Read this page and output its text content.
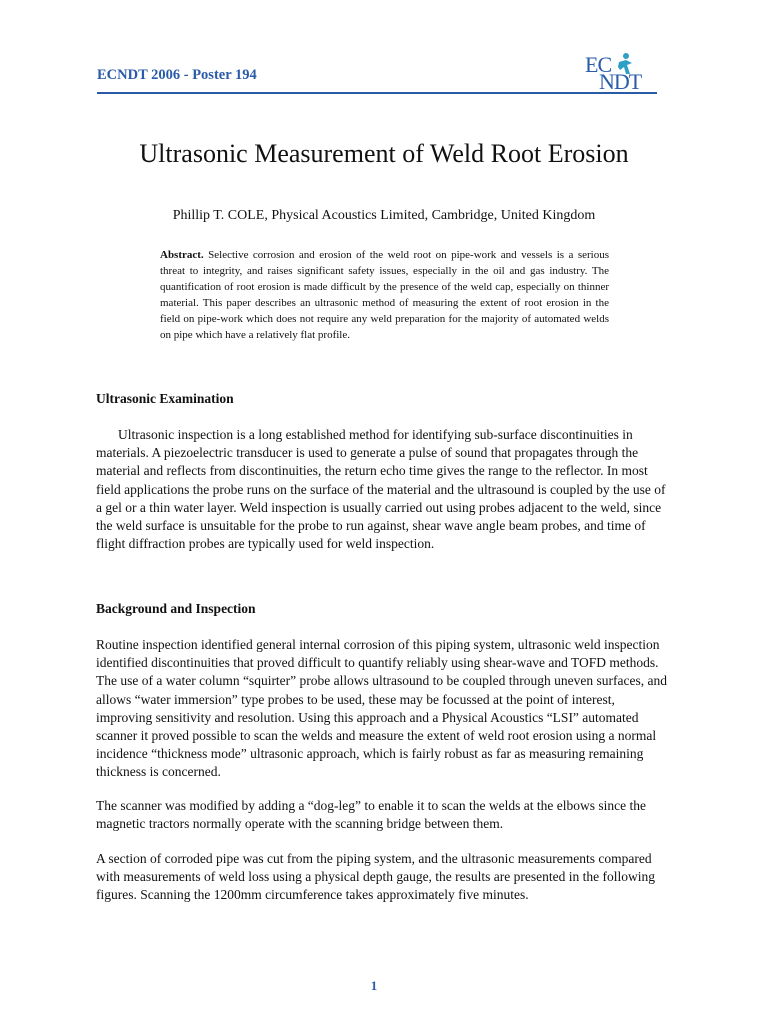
ECNDT 2006 - Poster 194	EC
NDT
Ultrasonic Measurement of Weld Root Erosion
Phillip T. COLE, Physical Acoustics Limited, Cambridge, United Kingdom

Abstract. Selective corrosion and erosion of the weld root on pipe-work and vessels is a serious threat to integrity, and raises significant safety issues, especially in the oil and gas industry. The quantification of root erosion is made difficult by the presence of the weld cap, especially on thinner material. This paper describes an ultrasonic method of measuring the extent of root erosion in the field on pipe-work which does not require any weld preparation for the majority of automated welds on pipe which have a relatively flat profile.

Ultrasonic Examination

Ultrasonic inspection is a long established method for identifying sub-surface discontinuities in materials. A piezoelectric transducer is used to generate a pulse of sound that propagates through the material and reflects from discontinuities, the return echo time gives the range to the reflector. In most field applications the probe runs on the surface of the material and the ultrasound is coupled by the use of a gel or a thin water layer. Weld inspection is usually carried out using probes adjacent to the weld, since the weld surface is unsuitable for the probe to run against, shear wave angle beam probes, and time of flight diffraction probes are typically used for weld inspection.

Background and Inspection

Routine inspection identified general internal corrosion of this piping system, ultrasonic weld inspection identified discontinuities that proved difficult to quantify reliably using shear-wave and TOFD methods. The use of a water column “squirter” probe allows ultrasound to be coupled through uneven surfaces, and allows “water immersion” type probes to be used, these may be focussed at the point of interest, improving sensitivity and resolution. Using this approach and a Physical Acoustics “LSI” automated scanner it proved possible to scan the welds and measure the extent of weld root erosion using a normal incidence “thickness mode” ultrasonic approach, which is fairly robust as far as measuring remaining thickness is concerned.

The scanner was modified by adding a “dog-leg” to enable it to scan the welds at the elbows since the magnetic tractors normally operate with the scanning bridge between them.

A section of corroded pipe was cut from the piping system, and the ultrasonic measurements compared with measurements of weld loss using a physical depth gauge, the results are presented in the following figures. Scanning the 1200mm circumference takes approximately five minutes.

1
